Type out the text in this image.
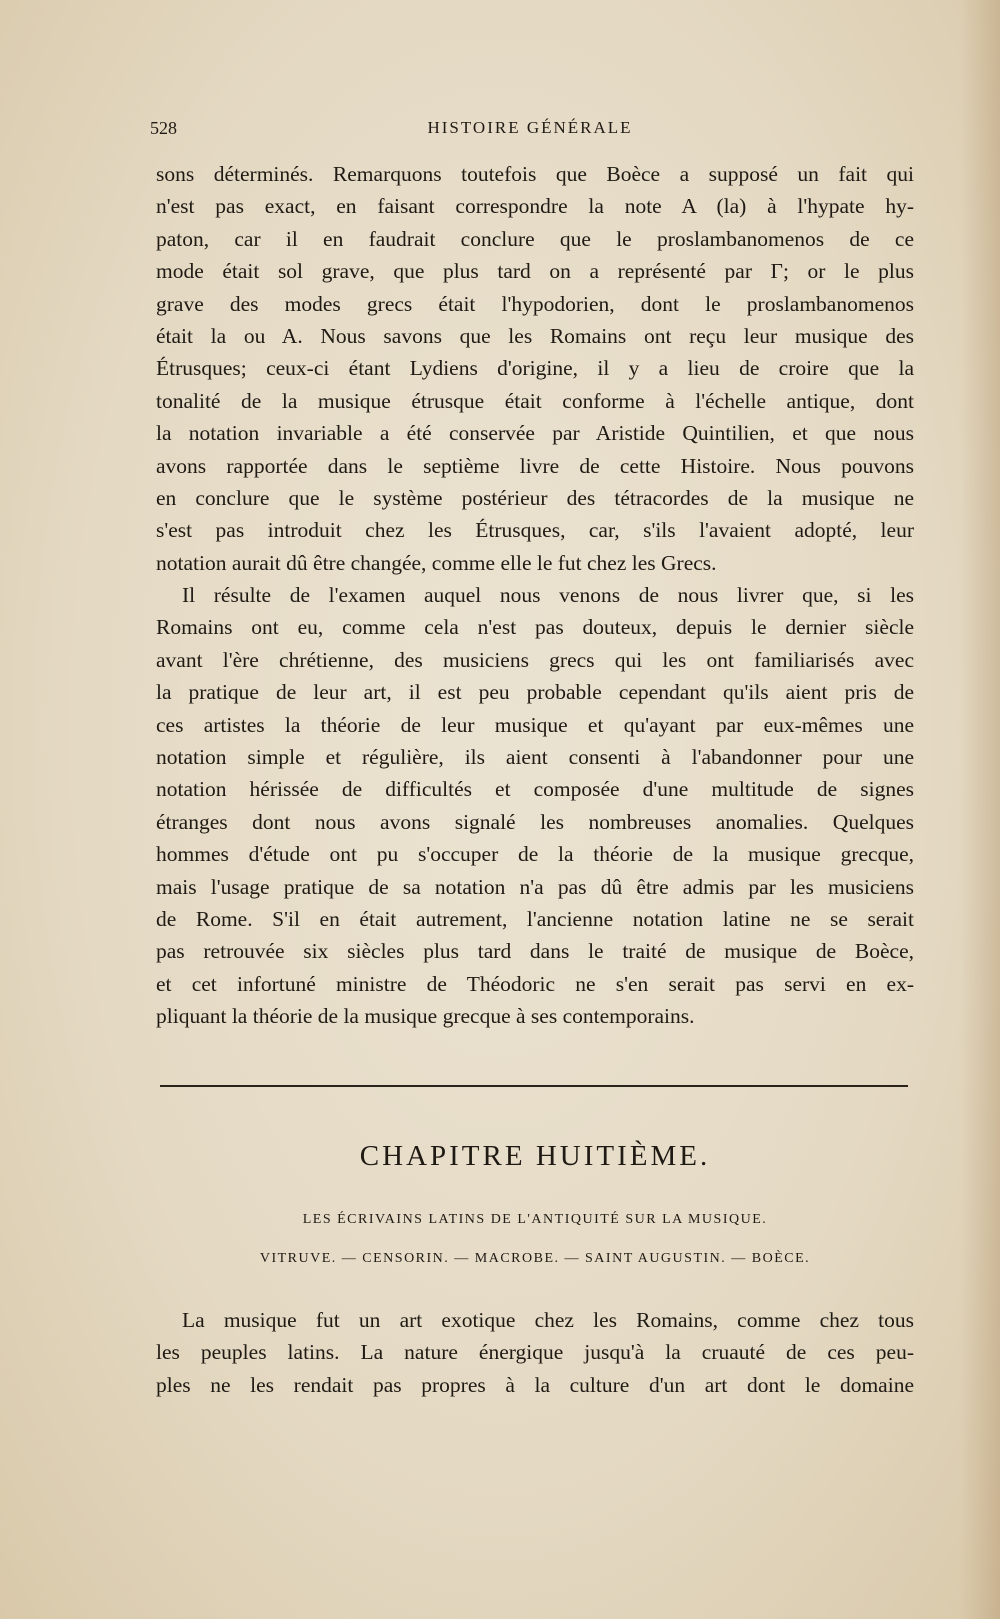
528	HISTOIRE GÉNÉRALE
sons déterminés. Remarquons toutefois que Boèce a supposé un fait qui
n'est pas exact, en faisant correspondre la note A (la) à l'hypate hy-
paton, car il en faudrait conclure que le proslambanomenos de ce
mode était sol grave, que plus tard on a représenté par Γ; or le plus
grave des modes grecs était l'hypodorien, dont le proslambanomenos
était la ou A. Nous savons que les Romains ont reçu leur musique des
Étrusques; ceux-ci étant Lydiens d'origine, il y a lieu de croire que la
tonalité de la musique étrusque était conforme à l'échelle antique, dont
la notation invariable a été conservée par Aristide Quintilien, et que nous
avons rapportée dans le septième livre de cette Histoire. Nous pouvons
en conclure que le système postérieur des tétracordes de la musique ne
s'est pas introduit chez les Étrusques, car, s'ils l'avaient adopté, leur
notation aurait dû être changée, comme elle le fut chez les Grecs.
Il résulte de l'examen auquel nous venons de nous livrer que, si les
Romains ont eu, comme cela n'est pas douteux, depuis le dernier siècle
avant l'ère chrétienne, des musiciens grecs qui les ont familiarisés avec
la pratique de leur art, il est peu probable cependant qu'ils aient pris de
ces artistes la théorie de leur musique et qu'ayant par eux-mêmes une
notation simple et régulière, ils aient consenti à l'abandonner pour une
notation hérissée de difficultés et composée d'une multitude de signes
étranges dont nous avons signalé les nombreuses anomalies. Quelques
hommes d'étude ont pu s'occuper de la théorie de la musique grecque,
mais l'usage pratique de sa notation n'a pas dû être admis par les musiciens
de Rome. S'il en était autrement, l'ancienne notation latine ne se serait
pas retrouvée six siècles plus tard dans le traité de musique de Boèce,
et cet infortuné ministre de Théodoric ne s'en serait pas servi en ex-
pliquant la théorie de la musique grecque à ses contemporains.
CHAPITRE HUITIÈME.
LES ÉCRIVAINS LATINS DE L'ANTIQUITÉ SUR LA MUSIQUE.
VITRUVE. — CENSORIN. — MACROBE. — SAINT AUGUSTIN. — BOÈCE.
La musique fut un art exotique chez les Romains, comme chez tous
les peuples latins. La nature énergique jusqu'à la cruauté de ces peu-
ples ne les rendait pas propres à la culture d'un art dont le domaine
